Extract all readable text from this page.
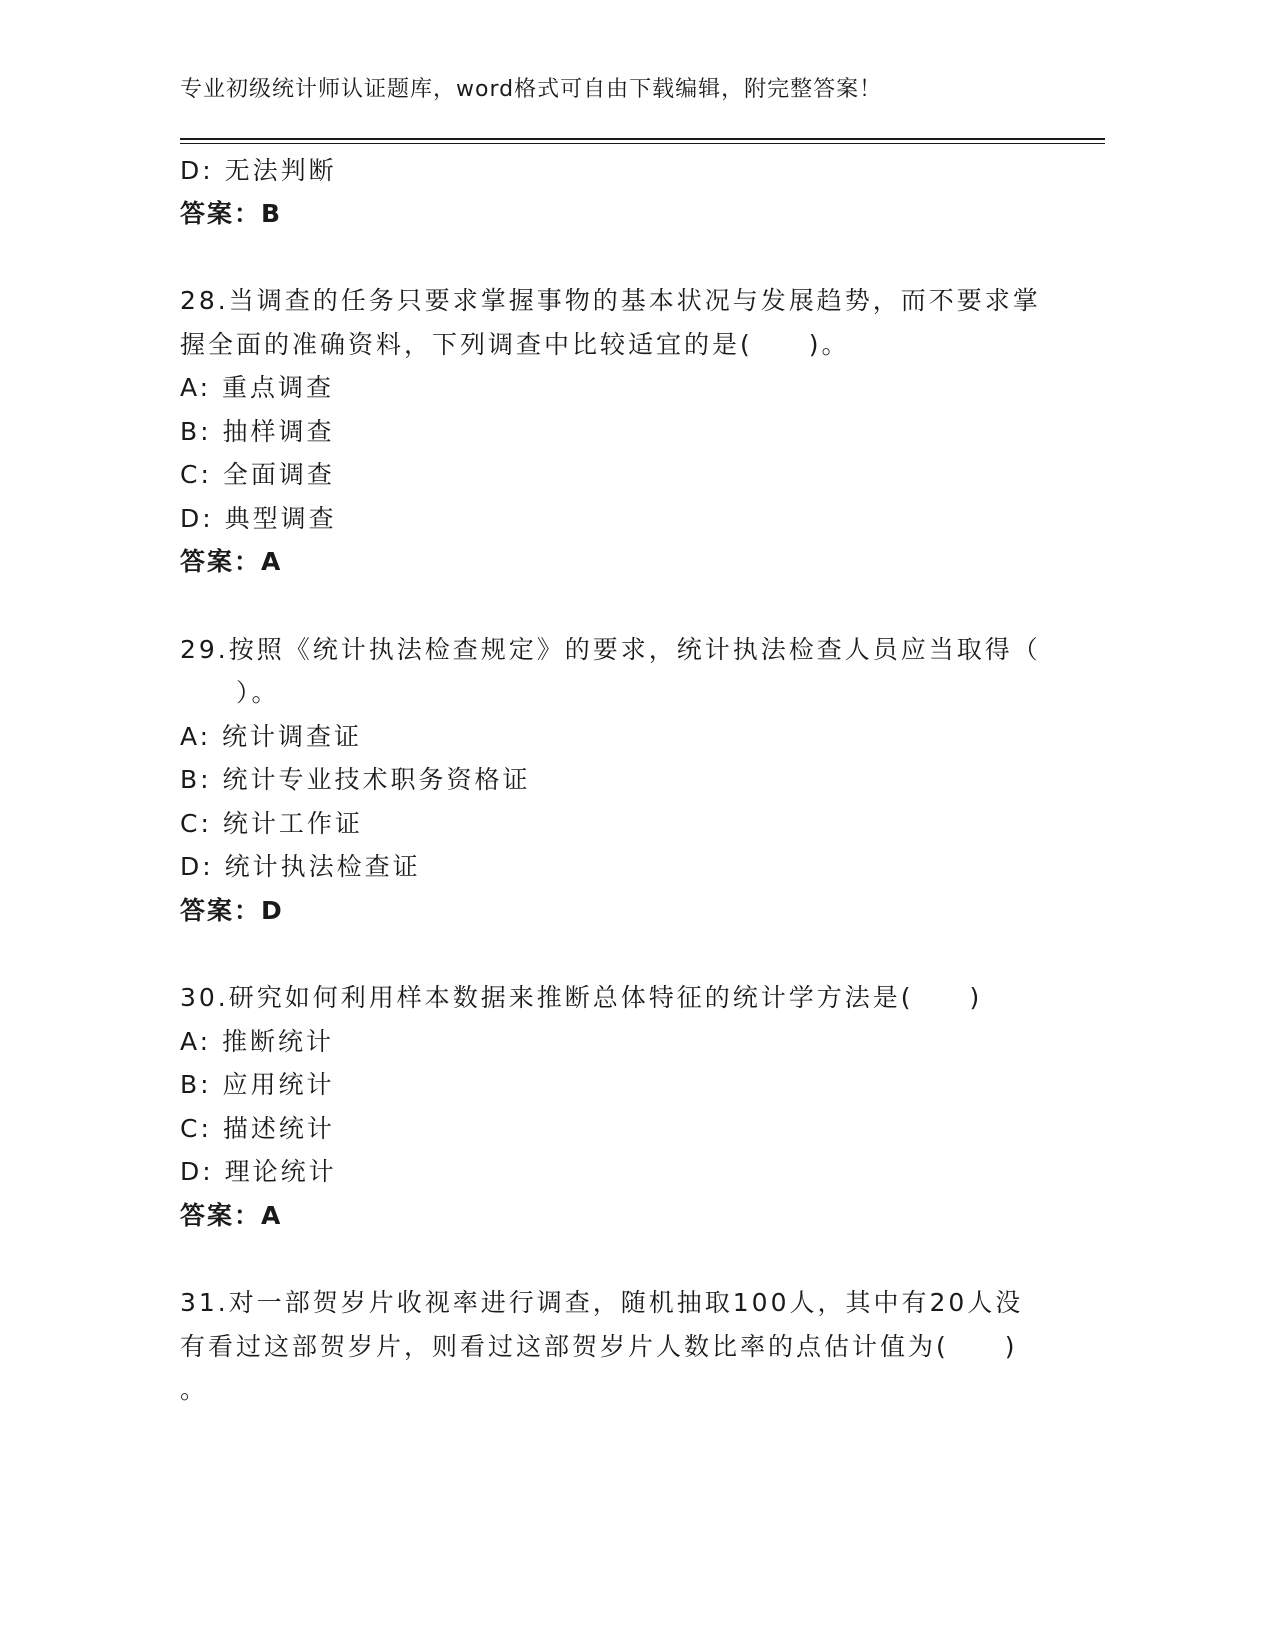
专业初级统计师认证题库，word格式可自由下载编辑，附完整答案！
D: 无法判断
答案：B
28.当调查的任务只要求掌握事物的基本状况与发展趋势，而不要求掌
握全面的准确资料，下列调查中比较适宜的是(　　)。
A: 重点调查
B: 抽样调查
C: 全面调查
D: 典型调查
答案：A
29.按照《统计执法检查规定》的要求，统计执法检查人员应当取得（
　　）。
A: 统计调查证
B: 统计专业技术职务资格证
C: 统计工作证
D: 统计执法检查证
答案：D
30.研究如何利用样本数据来推断总体特征的统计学方法是(　　)
A: 推断统计
B: 应用统计
C: 描述统计
D: 理论统计
答案：A
31.对一部贺岁片收视率进行调查，随机抽取100人，其中有20人没
有看过这部贺岁片，则看过这部贺岁片人数比率的点估计值为(　　)
。
